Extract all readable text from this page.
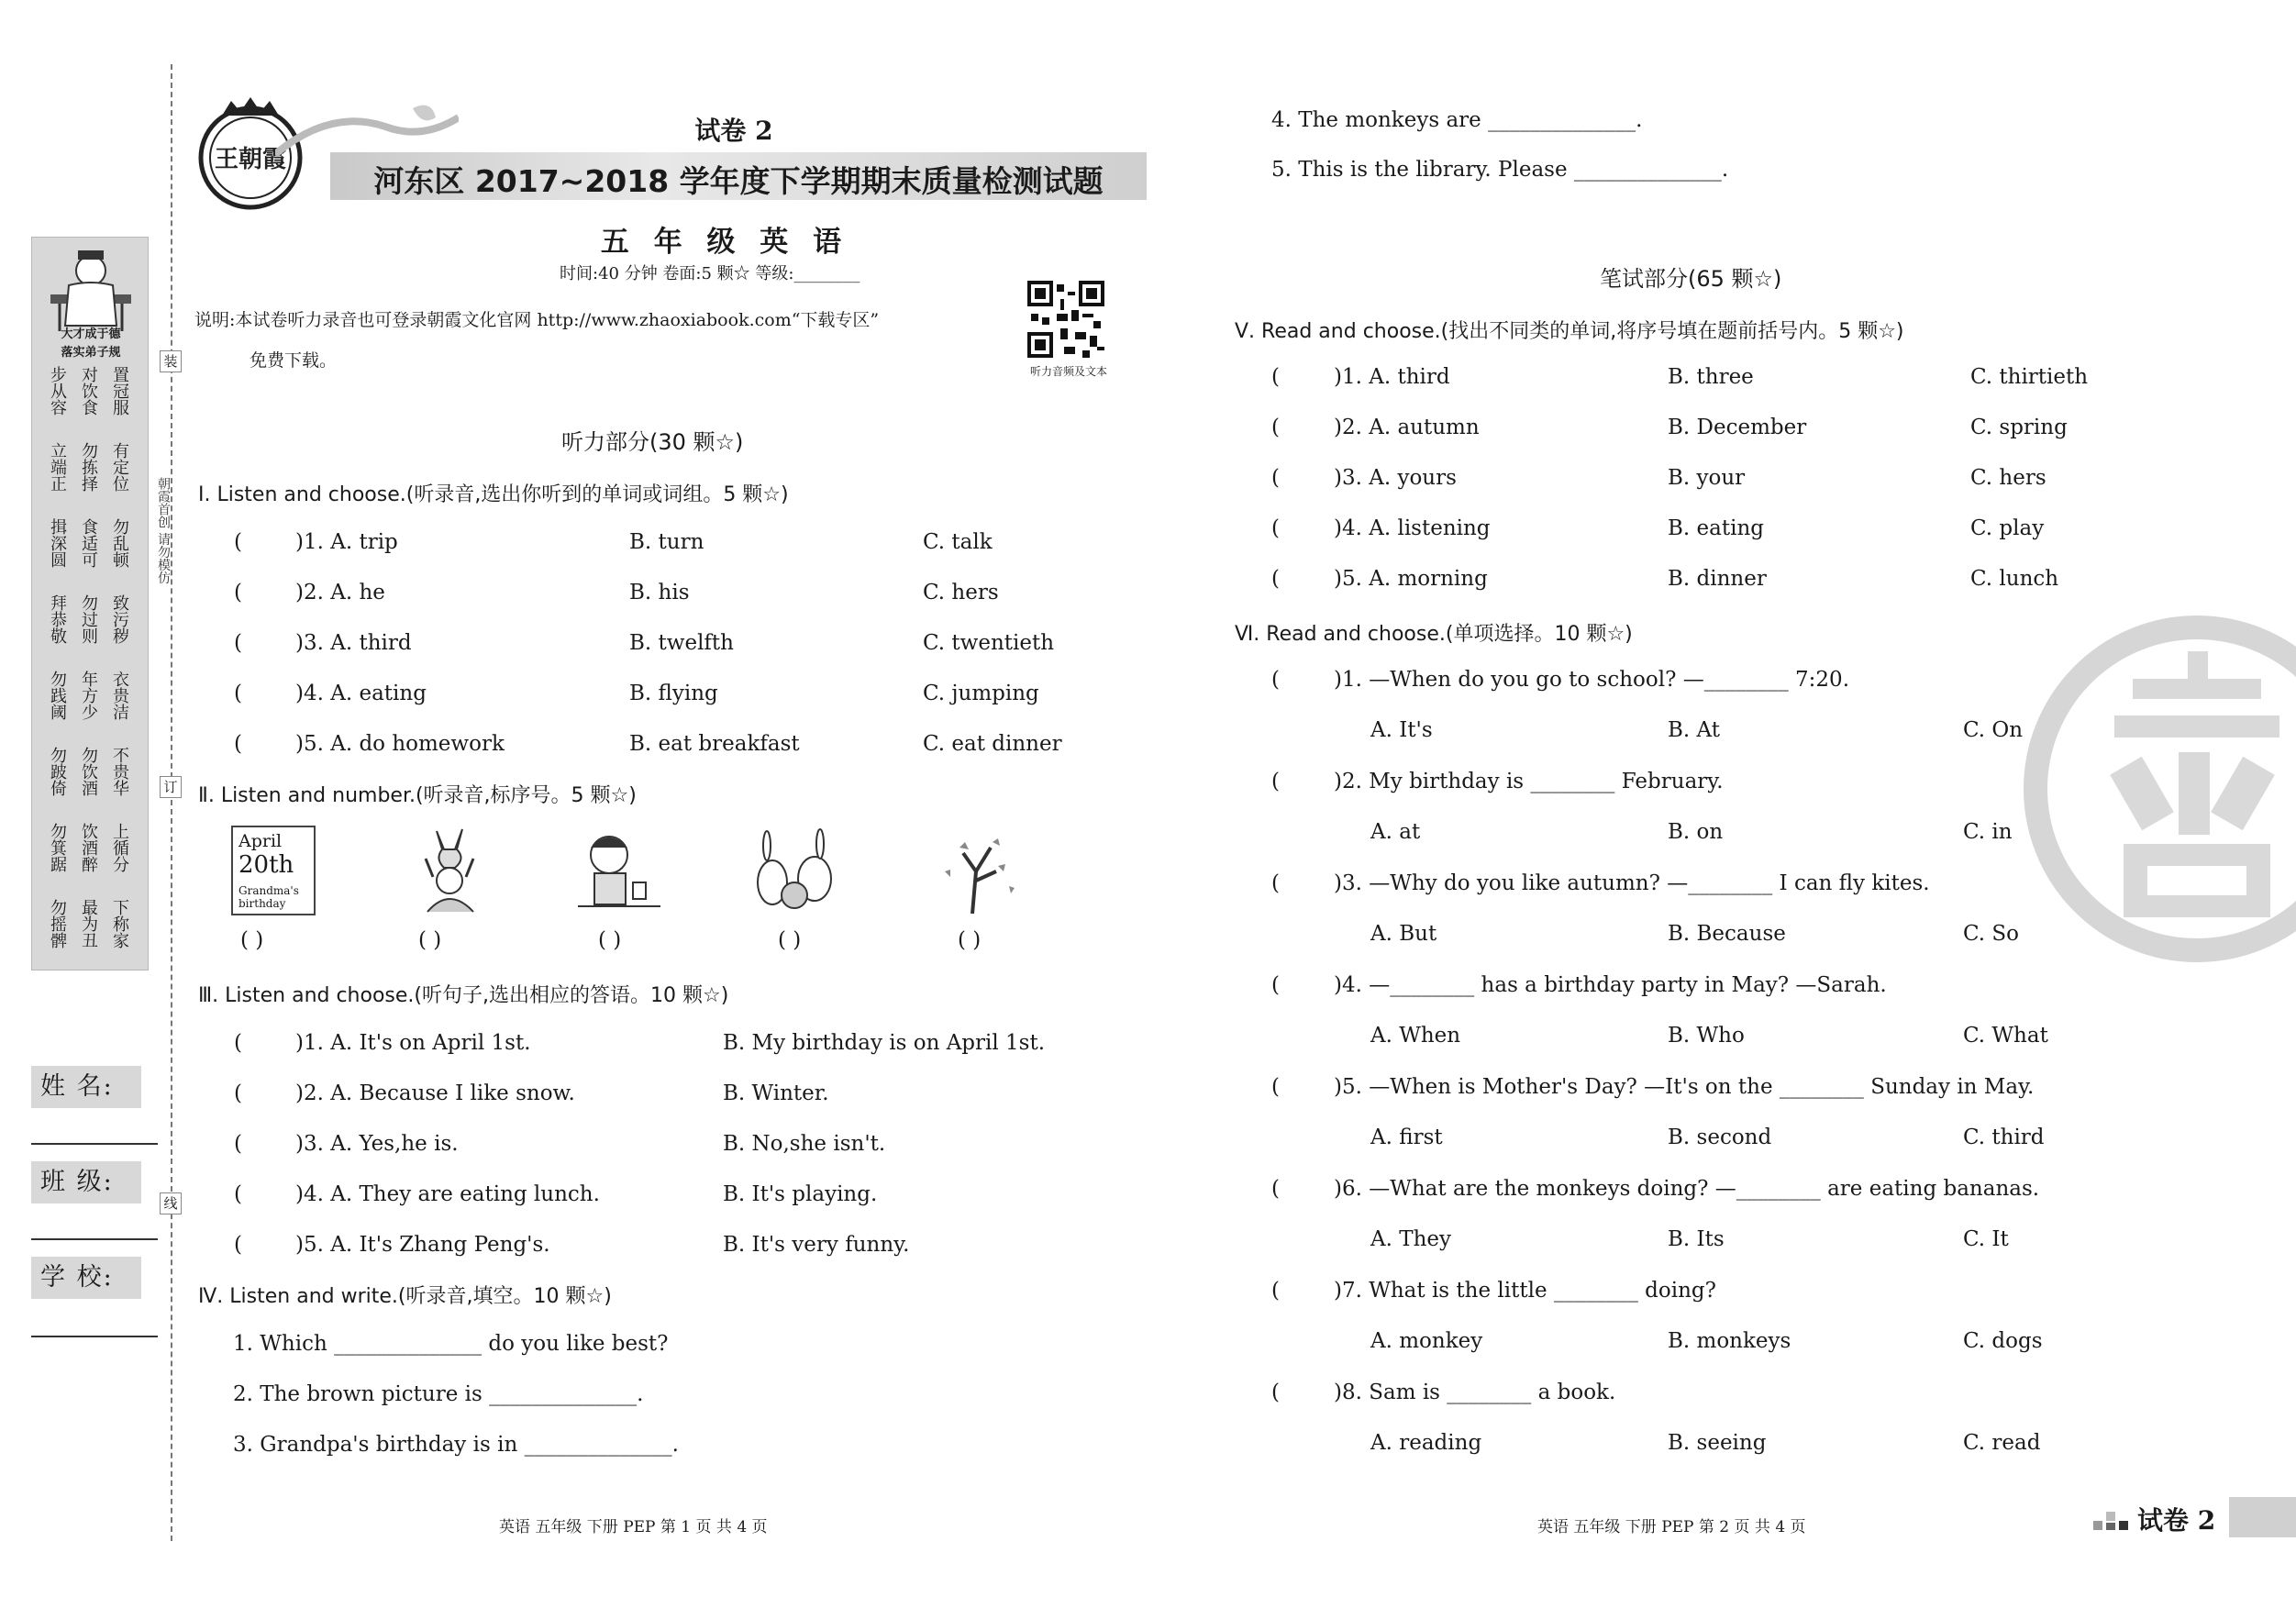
装
订
线
朝霞首创 请勿模仿
大才成于德
落实弟子规
步从容 对饮食 置冠服
立端正 勿拣择 有定位
揖深圆 食适可 勿乱顿
拜恭敬 勿过则 致污秽
勿践阈 年方少 衣贵洁
勿跛倚 勿饮酒 不贵华
勿箕踞 饮酒醉 上循分
勿摇髀 最为丑 下称家
姓 名:
班 级:
学 校:
王朝霞
试卷 2
河东区 2017~2018 学年度下学期期末质量检测试题
五 年 级 英 语
时间:40 分钟 卷面:5 颗☆ 等级:________
说明:本试卷听力录音也可登录朝霞文化官网 http://www.zhaoxiabook.com“下载专区”
免费下载。
听力音频及文本
听力部分(30 颗☆)
Ⅰ. Listen and choose.(听录音,选出你听到的单词或词组。5 颗☆)
(	)1. A. trip	B. turn	C. talk
(	)2. A. he	B. his	C. hers
(	)3. A. third	B. twelfth	C. twentieth
(	)4. A. eating	B. flying	C. jumping
(	)5. A. do homework	B. eat breakfast	C. eat dinner
Ⅱ. Listen and number.(听录音,标序号。5 颗☆)
April
20th
Grandma's birthday
( )	( )	( )	( )	( )
Ⅲ. Listen and choose.(听句子,选出相应的答语。10 颗☆)
(	)1. A. It's on April 1st.	B. My birthday is on April 1st.
(	)2. A. Because I like snow.	B. Winter.
(	)3. A. Yes,he is.	B. No,she isn't.
(	)4. A. They are eating lunch.	B. It's playing.
(	)5. A. It's Zhang Peng's.	B. It's very funny.
Ⅳ. Listen and write.(听录音,填空。10 颗☆)
1. Which ______________ do you like best?
2. The brown picture is ______________.
3. Grandpa's birthday is in ______________.
英语 五年级 下册 PEP 第 1 页 共 4 页
4. The monkeys are ______________.
5. This is the library. Please ______________.
笔试部分(65 颗☆)
Ⅴ. Read and choose.(找出不同类的单词,将序号填在题前括号内。5 颗☆)
(	)1. A. third	B. three	C. thirtieth
(	)2. A. autumn	B. December	C. spring
(	)3. A. yours	B. your	C. hers
(	)4. A. listening	B. eating	C. play
(	)5. A. morning	B. dinner	C. lunch
Ⅵ. Read and choose.(单项选择。10 颗☆)
(	)1. —When do you go to school? —________ 7:20.
A. It's	B. At	C. On
(	)2. My birthday is ________ February.
A. at	B. on	C. in
(	)3. —Why do you like autumn? —________ I can fly kites.
A. But	B. Because	C. So
(	)4. —________ has a birthday party in May? —Sarah.
A. When	B. Who	C. What
(	)5. —When is Mother's Day? —It's on the ________ Sunday in May.
A. first	B. second	C. third
(	)6. —What are the monkeys doing? —________ are eating bananas.
A. They	B. Its	C. It
(	)7. What is the little ________ doing?
A. monkey	B. monkeys	C. dogs
(	)8. Sam is ________ a book.
A. reading	B. seeing	C. read
英语 五年级 下册 PEP 第 2 页 共 4 页	试卷 2
